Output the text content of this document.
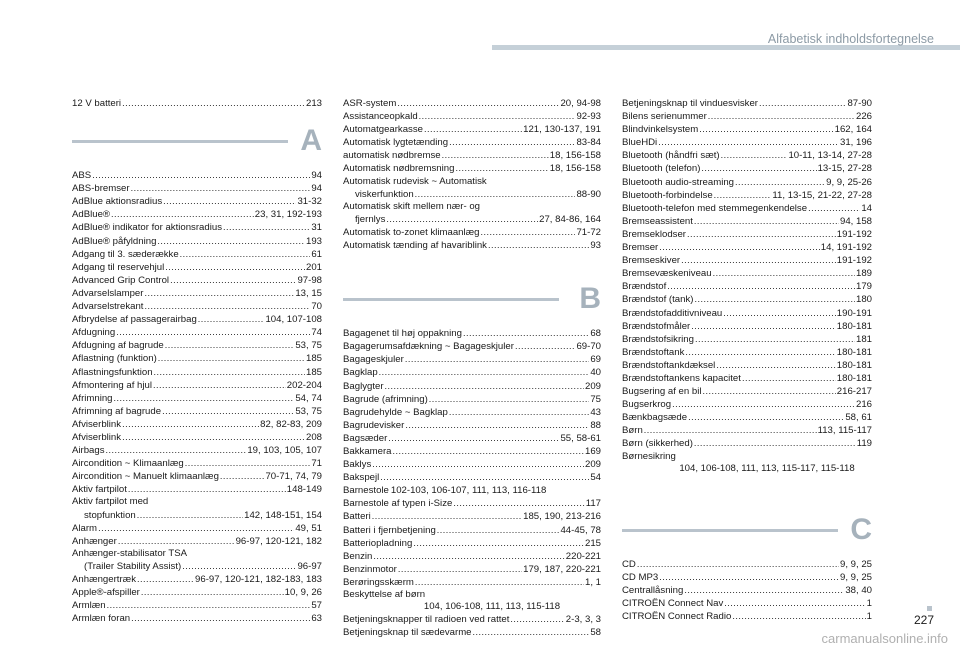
Alfabetisk indholdsfortegnelse
12 V batteri .....	213
A
ABS .....	94
ABS-bremser .....	94
AdBlue aktionsradius .....	31-32
AdBlue® .....	23, 31, 192-193
AdBlue® indikator for aktionsradius .....	31
AdBlue® påfyldning .....	193
Adgang til 3. sæderække .....	61
Adgang til reservehjul .....	201
Advanced Grip Control .....	97-98
Advarselslamper .....	13, 15
Advarselstrekant .....	70
Afbrydelse af passagerairbag .....	104, 107-108
Afdugning .....	74
Afdugning af bagrude .....	53, 75
Aflastning (funktion) .....	185
Aflastningsfunktion .....	185
Afmontering af hjul .....	202-204
Afrimning .....	54, 74
Afrimning af bagrude .....	53, 75
Afviserblink .....	82, 82-83, 209
Afviserblink .....	208
Airbags .....	19, 103, 105, 107
Aircondition ~ Klimaanlæg .....	71
Aircondition ~ Manuelt klimaanlæg .....	70-71, 74, 79
Aktiv fartpilot .....	148-149
Aktiv fartpilot med
stopfunktion .....	142, 148-151, 154
Alarm .....	49, 51
Anhænger .....	96-97, 120-121, 182
Anhænger-stabilisator TSA
(Trailer Stability Assist) .....	96-97
Anhængertræk .....	96-97, 120-121, 182-183, 183
Apple®-afspiller .....	10, 9, 26
Armlæn .....	57
Armlæn foran .....	63
ASR-system .....	20, 94-98
Assistanceopkald .....	92-93
Automatgearkasse .....	121, 130-137, 191
Automatisk lygtetænding .....	83-84
automatisk nødbremse .....	18, 156-158
Automatisk nødbremsning .....	18, 156-158
Automatisk rudevisk ~ Automatisk
viskerfunktion .....	88-90
Automatisk skift mellem nær- og
fjernlys .....	27, 84-86, 164
Automatisk to-zonet klimaanlæg .....	71-72
Automatisk tænding af havariblink .....	93
B
Bagagenet til høj oppakning .....	68
Bagagerumsafdækning ~ Bagageskjuler .....	69-70
Bagageskjuler .....	69
Bagklap .....	40
Baglygter .....	209
Bagrude (afrimning) .....	75
Bagrudehylde ~ Bagklap .....	43
Bagrudevisker .....	88
Bagsæder .....	55, 58-61
Bakkamera .....	169
Baklys .....	209
Bakspejl .....	54
Barnestole 102-103, 106-107, 111, 113, 116-118
Barnestole af typen i-Size .....	117
Batteri .....	185, 190, 213-216
Batteri i fjernbetjening .....	44-45, 78
Batteriopladning .....	215
Benzin .....	220-221
Benzinmotor .....	179, 187, 220-221
Berøringsskærm .....	1, 1
Beskyttelse af børn
104, 106-108, 111, 113, 115-118
Betjeningsknapper til radioen ved rattet .....	2-3, 3, 3
Betjeningsknap til sædevarme .....	58
Betjeningsknap til vinduesvisker .....	87-90
Bilens serienummer .....	226
Blindvinkelsystem .....	162, 164
BlueHDi .....	31, 196
Bluetooth (håndfri sæt) .....	10-11, 13-14, 27-28
Bluetooth (telefon) .....	13-15, 27-28
Bluetooth audio-streaming .....	9, 9, 25-26
Bluetooth-forbindelse .....	11, 13-15, 21-22, 27-28
Bluetooth-telefon med stemmegenkendelse .....	14
Bremseassistent .....	94, 158
Bremseklodser .....	191-192
Bremser .....	14, 191-192
Bremseskiver .....	191-192
Bremsevæskeniveau .....	189
Brændstof .....	179
Brændstof (tank) .....	180
Brændstofadditivniveau .....	190-191
Brændstofmåler .....	180-181
Brændstofsikring .....	181
Brændstoftank .....	180-181
Brændstoftankdæksel .....	180-181
Brændstoftankens kapacitet .....	180-181
Bugsering af en bil .....	216-217
Bugserkrog .....	216
Bænkbagsæde .....	58, 61
Børn .....	113, 115-117
Børn (sikkerhed) .....	119
Børnesikring
104, 106-108, 111, 113, 115-117, 115-118
C
CD .....	9, 9, 25
CD MP3 .....	9, 9, 25
Centrallåsning .....	38, 40
CITROËN Connect Nav .....	1
CITROËN Connect Radio .....	1	227
carmanualsonline.info
